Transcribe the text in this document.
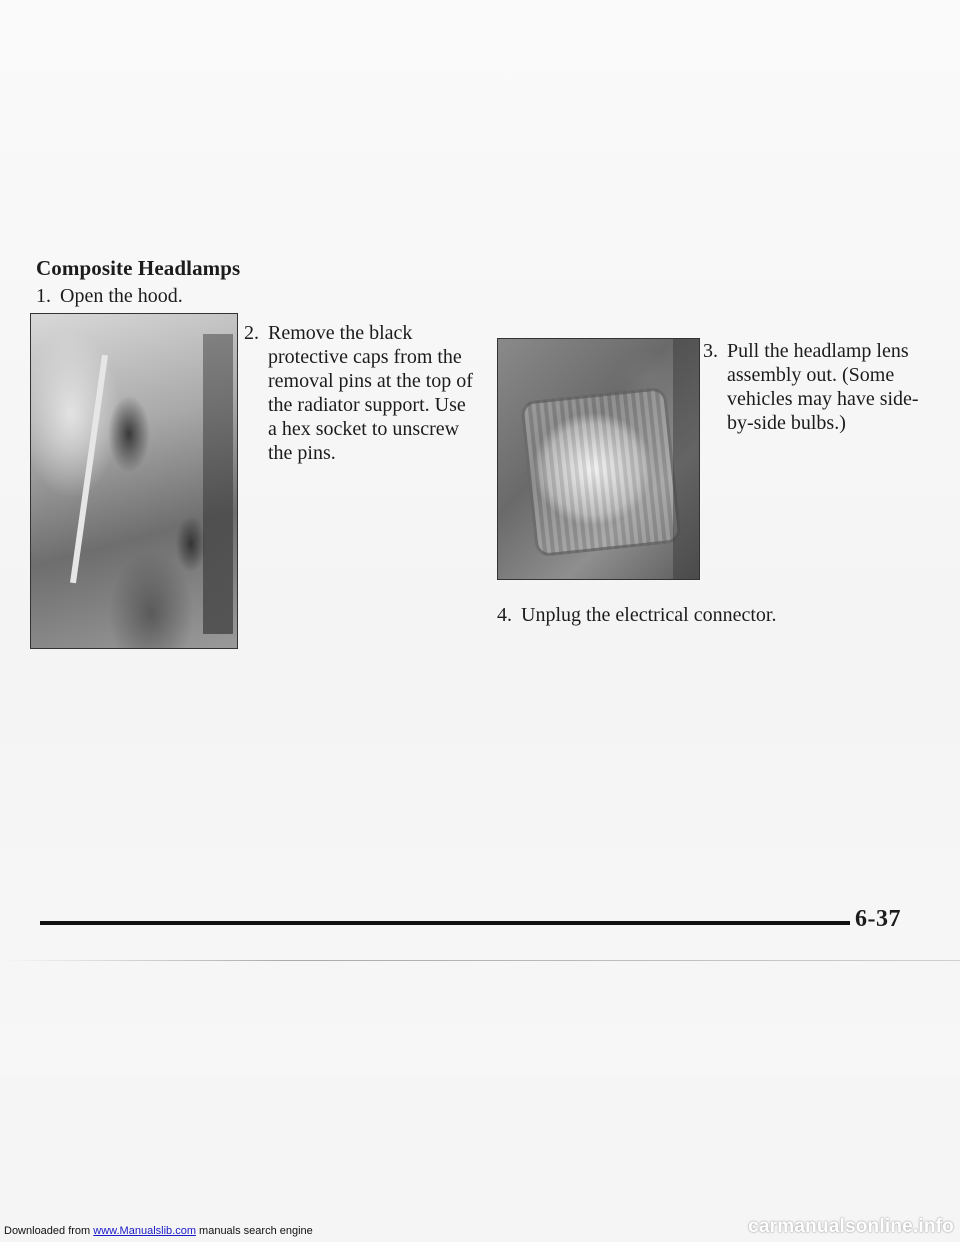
Composite Headlamps

1. Open the hood.

2. Remove the black protective caps from the removal pins at the top of the radiator support. Use a hex socket to unscrew the pins.

3. Pull the headlamp lens assembly out. (Some vehicles may have side-by-side bulbs.)

4. Unplug the electrical connector.

6-37

Downloaded from www.Manualslib.com manuals search engine	carmanualsonline.info
